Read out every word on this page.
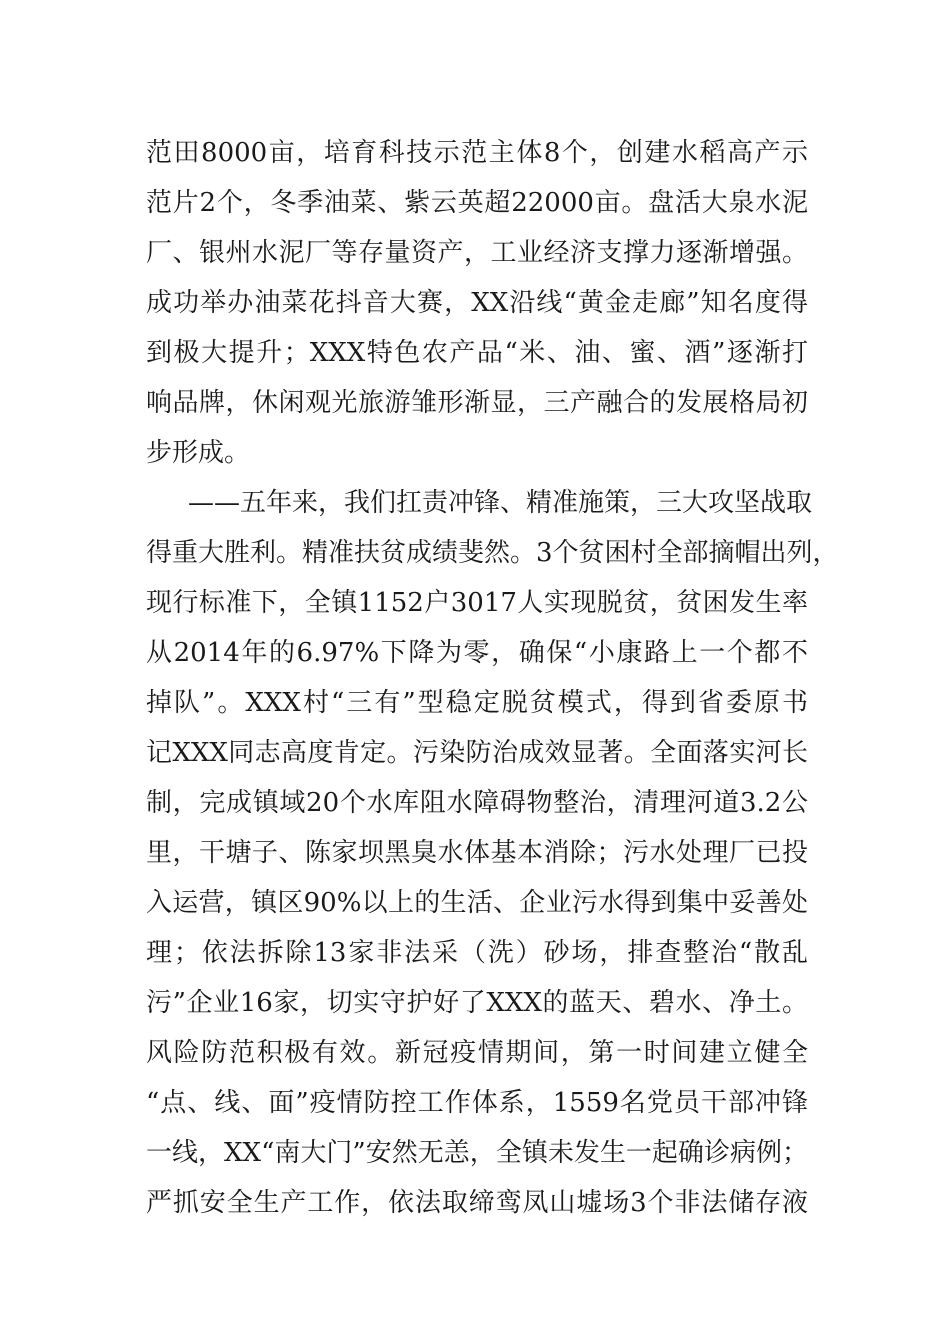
范田8000亩，培育科技示范主体8个，创建水稻高产示
范片2个，冬季油菜、紫云英超22000亩。盘活大泉水泥
厂、银州水泥厂等存量资产，工业经济支撑力逐渐增强。
成功举办油菜花抖音大赛，XX沿线“黄金走廊”知名度得
到极大提升；XXX特色农产品“米、油、蜜、酒”逐渐打
响品牌，休闲观光旅游雏形渐显，三产融合的发展格局初
步形成。
——五年来，我们扛责冲锋、精准施策，三大攻坚战取
得重大胜利。精准扶贫成绩斐然。3个贫困村全部摘帽出列，
现行标准下，全镇1152户3017人实现脱贫，贫困发生率
从2014年的6.97%下降为零，确保“小康路上一个都不
掉队”。XXX村“三有”型稳定脱贫模式，得到省委原书
记XXX同志高度肯定。污染防治成效显著。全面落实河长
制，完成镇域20个水库阻水障碍物整治，清理河道3.2公
里，干塘子、陈家坝黑臭水体基本消除；污水处理厂已投
入运营，镇区90%以上的生活、企业污水得到集中妥善处
理；依法拆除13家非法采（洗）砂场，排查整治“散乱
污”企业16家，切实守护好了XXX的蓝天、碧水、净土。
风险防范积极有效。新冠疫情期间，第一时间建立健全
“点、线、面”疫情防控工作体系，1559名党员干部冲锋
一线，XX“南大门”安然无恙，全镇未发生一起确诊病例；
严抓安全生产工作，依法取缔鸾凤山墟场3个非法储存液
